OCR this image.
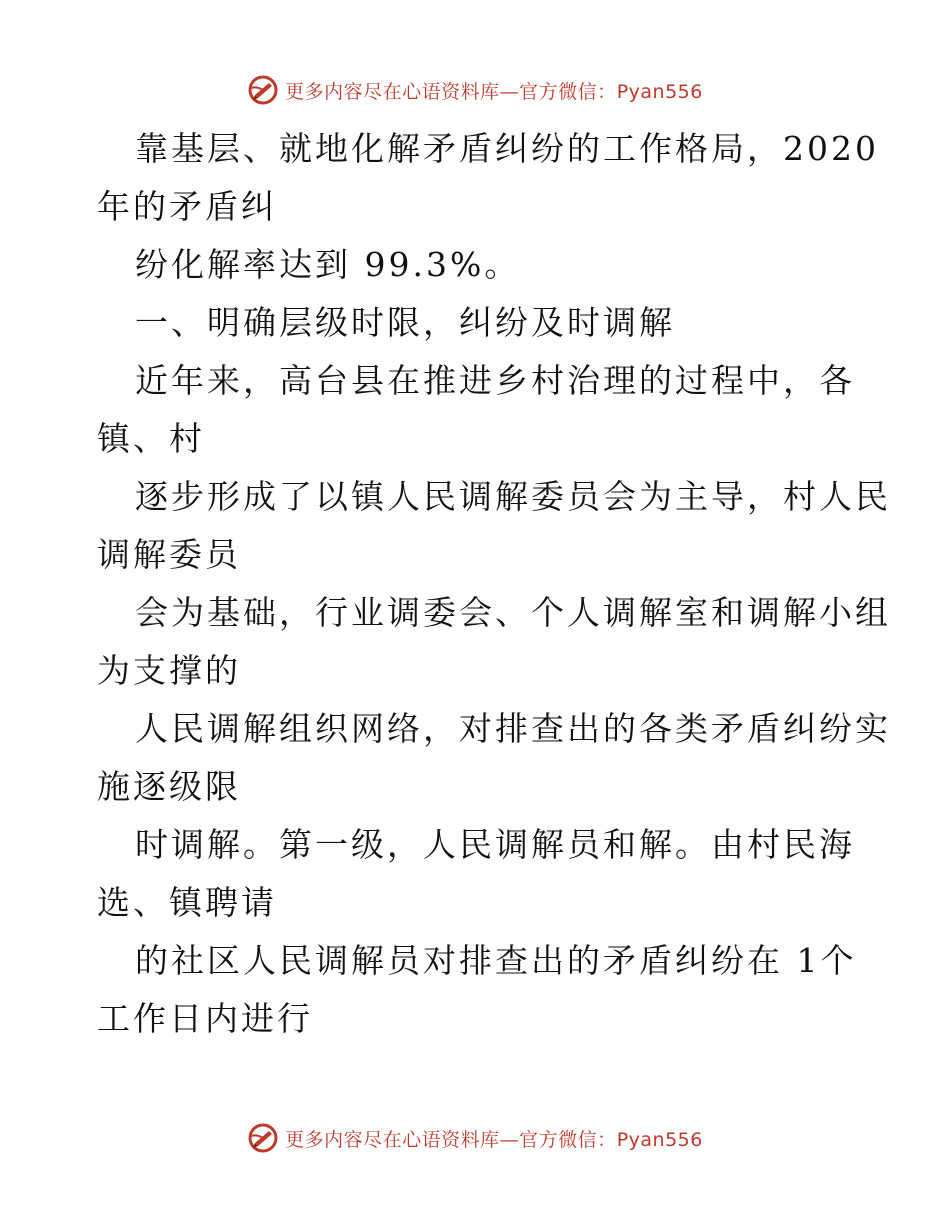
更多内容尽在心语资料库—官方微信：Pyan556
靠基层、就地化解矛盾纠纷的工作格局，2020
年的矛盾纠
纷化解率达到 99.3%。
一、明确层级时限，纠纷及时调解
近年来，高台县在推进乡村治理的过程中，各
镇、村
逐步形成了以镇人民调解委员会为主导，村人民
调解委员
会为基础，行业调委会、个人调解室和调解小组
为支撑的
人民调解组织网络，对排查出的各类矛盾纠纷实
施逐级限
时调解。第一级，人民调解员和解。由村民海
选、镇聘请
的社区人民调解员对排查出的矛盾纠纷在 1个
工作日内进行
更多内容尽在心语资料库—官方微信：Pyan556
